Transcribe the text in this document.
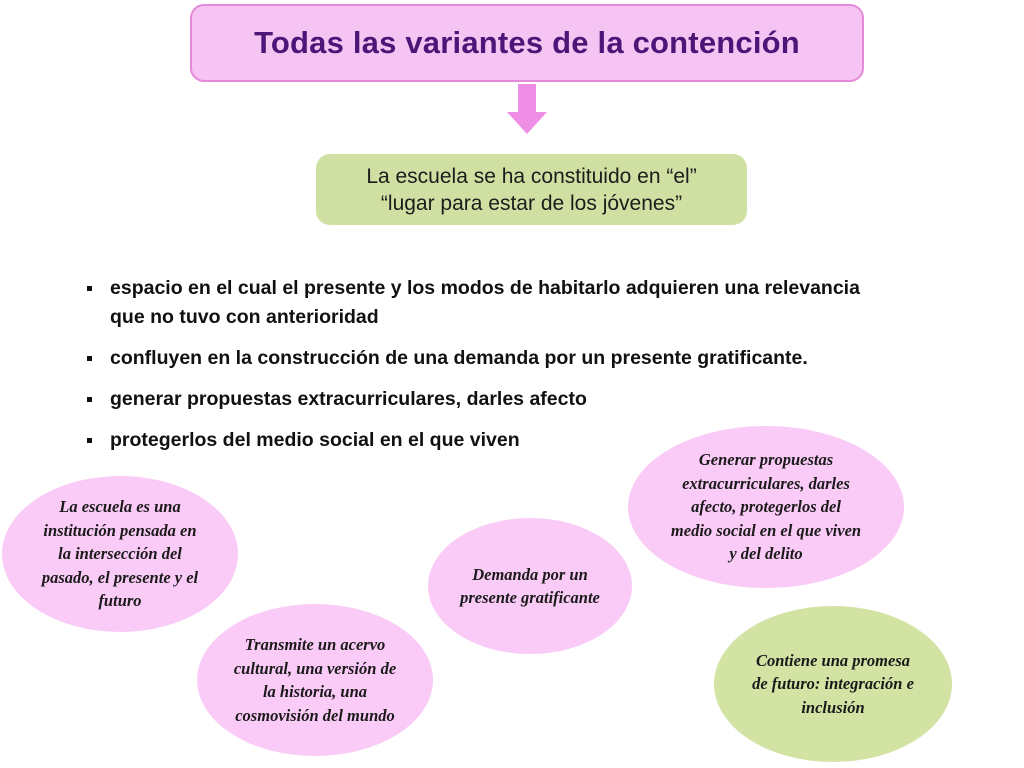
Todas las variantes de la contención
La escuela se ha constituido en “el”
“lugar para estar de los jóvenes”
espacio en el cual el presente y los modos de habitarlo adquieren una relevancia
que no tuvo con anterioridad
confluyen en la construcción de una demanda por un presente gratificante.
generar propuestas extracurriculares, darles afecto
protegerlos del medio social en el que viven
La escuela es una
institución pensada en
la intersección del
pasado, el presente y el
futuro
Transmite un acervo
cultural, una versión de
la historia, una
cosmovisión del mundo
Demanda por un
presente gratificante
Generar propuestas
extracurriculares, darles
afecto, protegerlos del
medio social en el que viven
y del delito
Contiene una promesa
de futuro: integración e
inclusión
